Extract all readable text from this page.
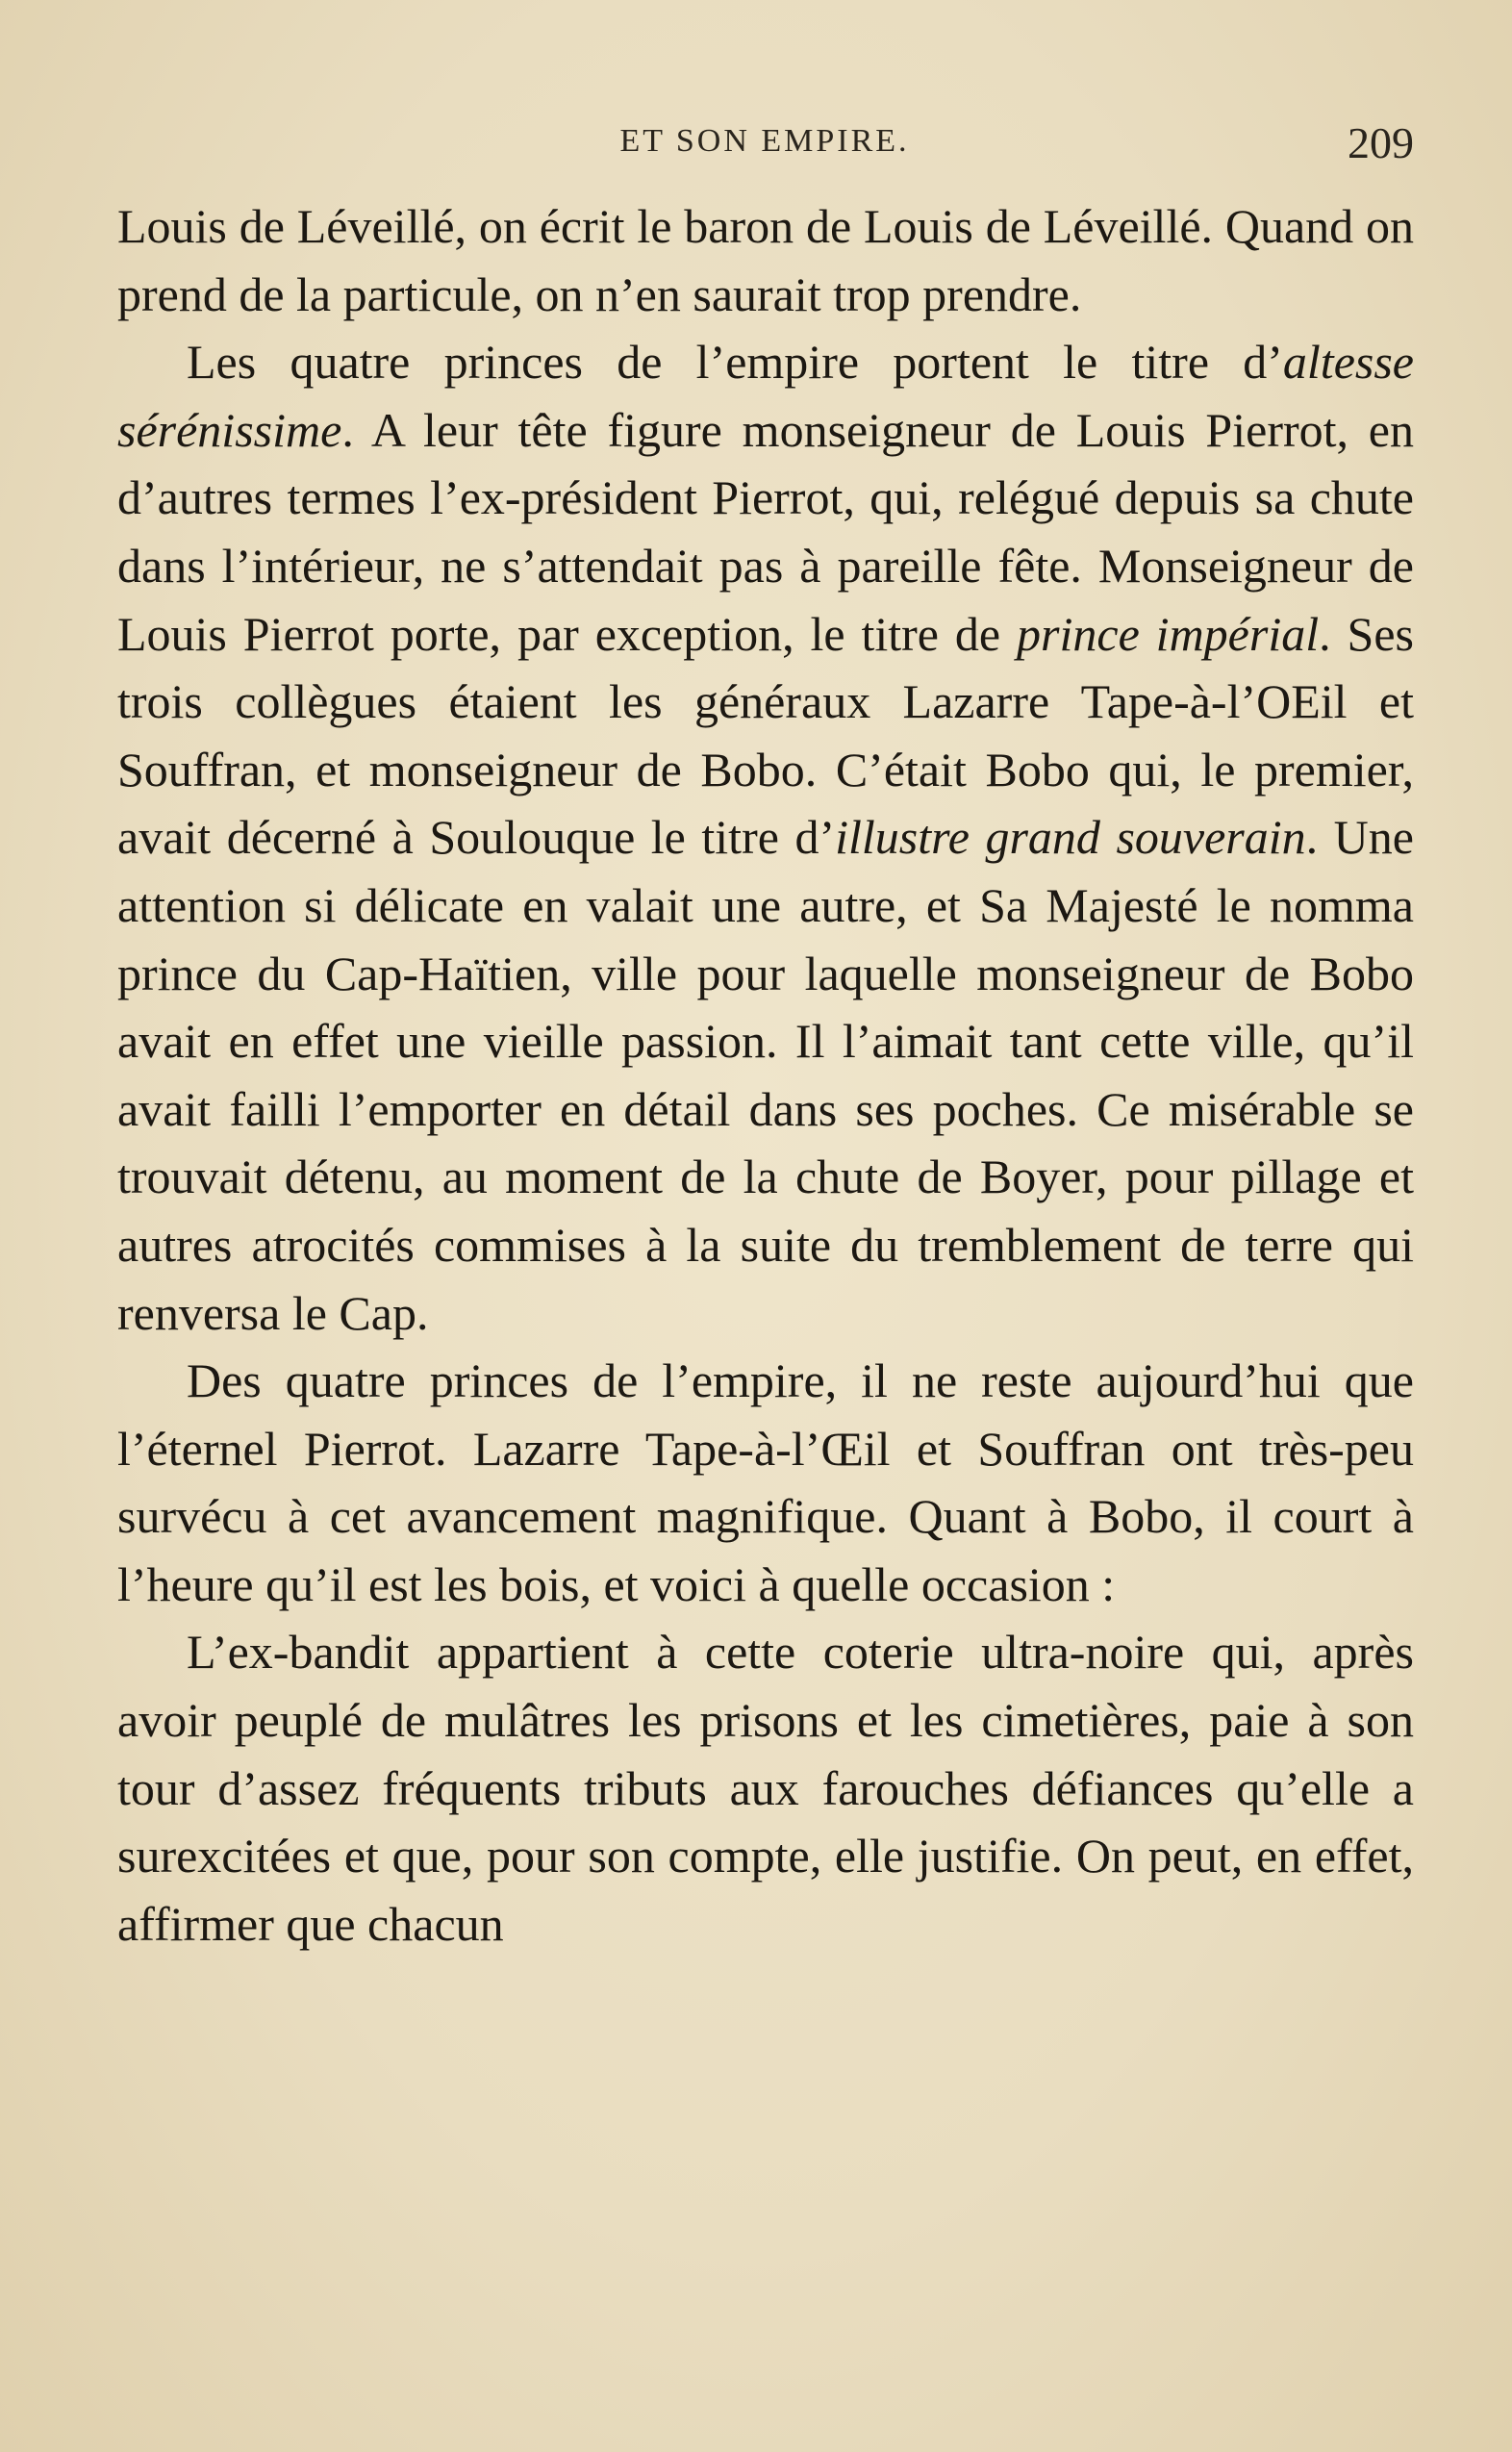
ET SON EMPIRE.	209

Louis de Léveillé, on écrit le baron de Louis de Léveillé. Quand on prend de la particule, on n’en saurait trop prendre.

Les quatre princes de l’empire portent le titre d’altesse sérénissime. A leur tête figure monseigneur de Louis Pierrot, en d’autres termes l’ex-président Pierrot, qui, relégué depuis sa chute dans l’intérieur, ne s’attendait pas à pareille fête. Monseigneur de Louis Pierrot porte, par exception, le titre de prince impérial. Ses trois collègues étaient les généraux Lazarre Tape-à-l’OEil et Souffran, et monseigneur de Bobo. C’était Bobo qui, le premier, avait décerné à Soulouque le titre d’illustre grand souverain. Une attention si délicate en valait une autre, et Sa Majesté le nomma prince du Cap-Haïtien, ville pour laquelle monseigneur de Bobo avait en effet une vieille passion. Il l’aimait tant cette ville, qu’il avait failli l’emporter en détail dans ses poches. Ce misérable se trouvait détenu, au moment de la chute de Boyer, pour pillage et autres atrocités commises à la suite du tremblement de terre qui renversa le Cap.

Des quatre princes de l’empire, il ne reste aujourd’hui que l’éternel Pierrot. Lazarre Tape-à-l’Œil et Souffran ont très-peu survécu à cet avancement magnifique. Quant à Bobo, il court à l’heure qu’il est les bois, et voici à quelle occasion :

L’ex-bandit appartient à cette coterie ultra-noire qui, après avoir peuplé de mulâtres les prisons et les cimetières, paie à son tour d’assez fréquents tributs aux farouches défiances qu’elle a surexcitées et que, pour son compte, elle justifie. On peut, en effet, affirmer que chacun
